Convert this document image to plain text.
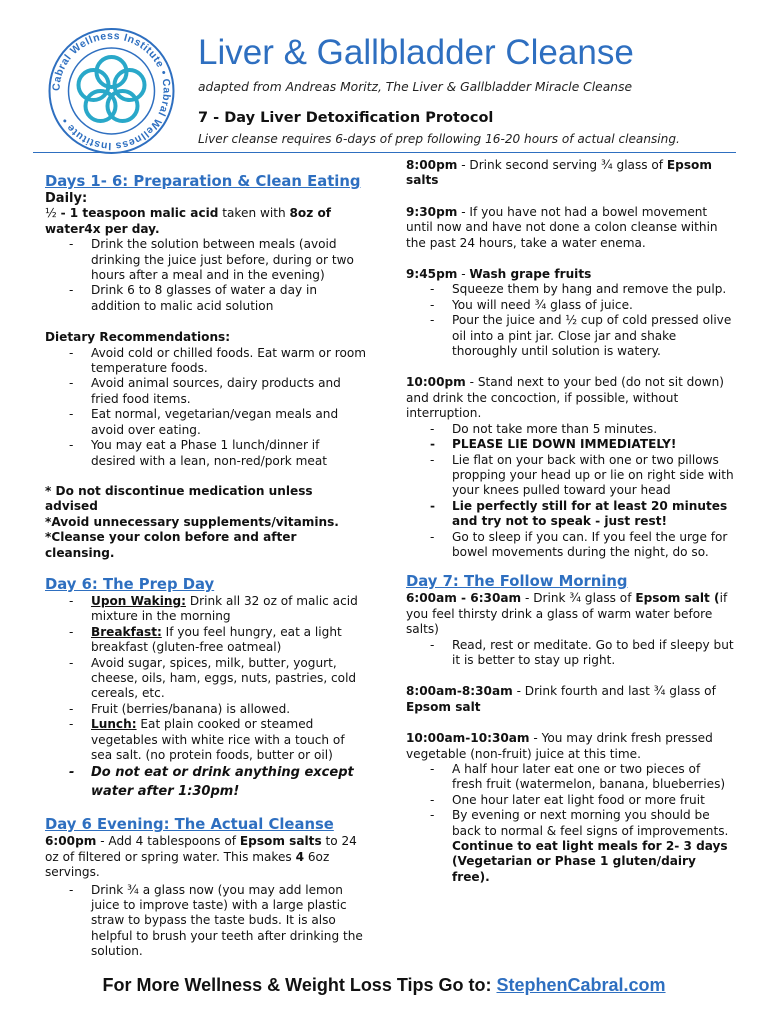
Cabral Wellness Institute • Cabral Wellness Institute •
Liver & Gallbladder Cleanse
adapted from Andreas Moritz, The Liver & Gallbladder Miracle Cleanse
7 - Day Liver Detoxification Protocol
Liver cleanse requires 6-days of prep following 16-20 hours of actual cleansing.
Days 1- 6: Preparation & Clean Eating
Daily:
½ - 1 teaspoon malic acid taken with 8oz of water4x per day.
- Drink the solution between meals (avoid drinking the juice just before, during or two hours after a meal and in the evening)
- Drink 6 to 8 glasses of water a day in addition to malic acid solution
Dietary Recommendations:
- Avoid cold or chilled foods. Eat warm or room temperature foods.
- Avoid animal sources, dairy products and fried food items.
- Eat normal, vegetarian/vegan meals and avoid over eating.
- You may eat a Phase 1 lunch/dinner if desired with a lean, non-red/pork meat
* Do not discontinue medication unless advised
*Avoid unnecessary supplements/vitamins.
*Cleanse your colon before and after cleansing.
Day 6: The Prep Day
- Upon Waking: Drink all 32 oz of malic acid mixture in the morning
- Breakfast: If you feel hungry, eat a light breakfast (gluten-free oatmeal)
- Avoid sugar, spices, milk, butter, yogurt, cheese, oils, ham, eggs, nuts, pastries, cold cereals, etc.
- Fruit (berries/banana) is allowed.
- Lunch: Eat plain cooked or steamed vegetables with white rice with a touch of sea salt. (no protein foods, butter or oil)
- Do not eat or drink anything except water after 1:30pm!
Day 6 Evening: The Actual Cleanse
6:00pm - Add 4 tablespoons of Epsom salts to 24 oz of filtered or spring water. This makes 4 6oz servings.
- Drink ¾ a glass now (you may add lemon juice to improve taste) with a large plastic straw to bypass the taste buds. It is also helpful to brush your teeth after drinking the solution.
8:00pm - Drink second serving ¾ glass of Epsom salts
9:30pm - If you have not had a bowel movement until now and have not done a colon cleanse within the past 24 hours, take a water enema.
9:45pm - Wash grape fruits
- Squeeze them by hang and remove the pulp.
- You will need ¾ glass of juice.
- Pour the juice and ½ cup of cold pressed olive oil into a pint jar. Close jar and shake thoroughly until solution is watery.
10:00pm - Stand next to your bed (do not sit down) and drink the concoction, if possible, without interruption.
- Do not take more than 5 minutes.
- PLEASE LIE DOWN IMMEDIATELY!
- Lie flat on your back with one or two pillows propping your head up or lie on right side with your knees pulled toward your head
- Lie perfectly still for at least 20 minutes and try not to speak - just rest!
- Go to sleep if you can. If you feel the urge for bowel movements during the night, do so.
Day 7: The Follow Morning
6:00am - 6:30am - Drink ¾ glass of Epsom salt (if you feel thirsty drink a glass of warm water before salts)
- Read, rest or meditate. Go to bed if sleepy but it is better to stay up right.
8:00am-8:30am - Drink fourth and last ¾ glass of Epsom salt
10:00am-10:30am - You may drink fresh pressed vegetable (non-fruit) juice at this time.
- A half hour later eat one or two pieces of fresh fruit (watermelon, banana, blueberries)
- One hour later eat light food or more fruit
- By evening or next morning you should be back to normal & feel signs of improvements. Continue to eat light meals for 2- 3 days (Vegetarian or Phase 1 gluten/dairy free).
For More Wellness & Weight Loss Tips Go to: StephenCabral.com
